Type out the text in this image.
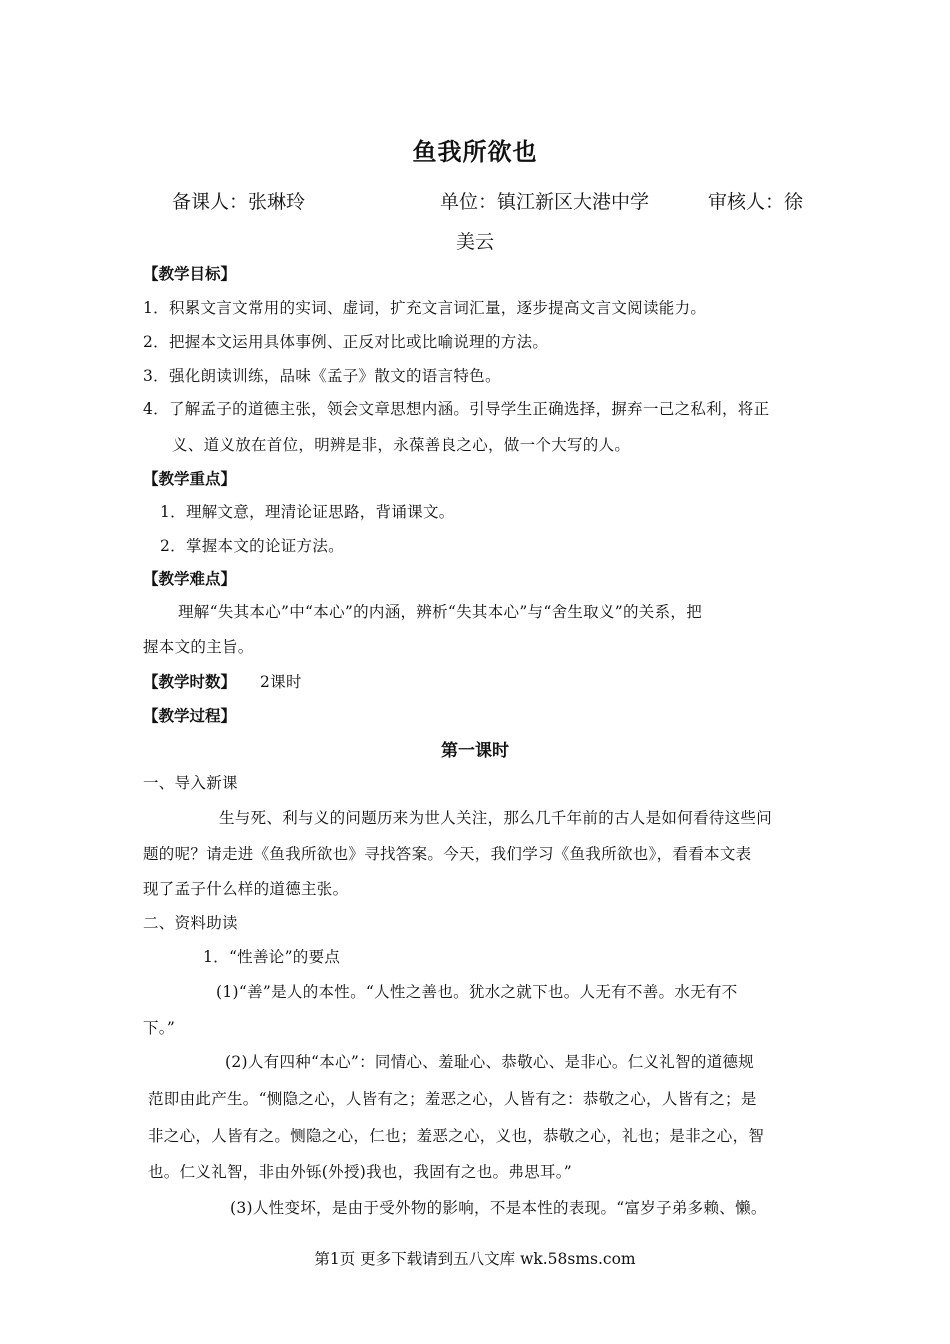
鱼我所欲也
备课人：张琳玲	单位：镇江新区大港中学	审核人：徐
美云
【教学目标】
1．积累文言文常用的实词、虚词，扩充文言词汇量，逐步提高文言文阅读能力。
2．把握本文运用具体事例、正反对比或比喻说理的方法。
3．强化朗读训练，品味《孟子》散文的语言特色。
4．了解孟子的道德主张，领会文章思想内涵。引导学生正确选择，摒弃一己之私利，将正
义、道义放在首位，明辨是非，永葆善良之心，做一个大写的人。
【教学重点】
1．理解文意，理清论证思路，背诵课文。
2．掌握本文的论证方法。
【教学难点】
理解“失其本心”中“本心”的内涵，辨析“失其本心”与“舍生取义”的关系，把
握本文的主旨。
【教学时数】 2课时
【教学过程】
第一课时
一、导入新课
生与死、利与义的问题历来为世人关注，那么几千年前的古人是如何看待这些问
题的呢？请走进《鱼我所欲也》寻找答案。今天，我们学习《鱼我所欲也》，看看本文表
现了孟子什么样的道德主张。
二、资料助读
1．“性善论”的要点
(1)“善”是人的本性。“人性之善也。犹水之就下也。人无有不善。水无有不
下。”
(2)人有四种“本心”：同情心、羞耻心、恭敬心、是非心。仁义礼智的道德规
范即由此产生。“恻隐之心，人皆有之；羞恶之心，人皆有之：恭敬之心，人皆有之；是
非之心，人皆有之。恻隐之心，仁也；羞恶之心，义也，恭敬之心，礼也；是非之心，智
也。仁义礼智，非由外铄(外授)我也，我固有之也。弗思耳。”
(3)人性变坏，是由于受外物的影响，不是本性的表现。“富岁子弟多赖、懒。
第1页 更多下载请到五八文库 wk.58sms.com
